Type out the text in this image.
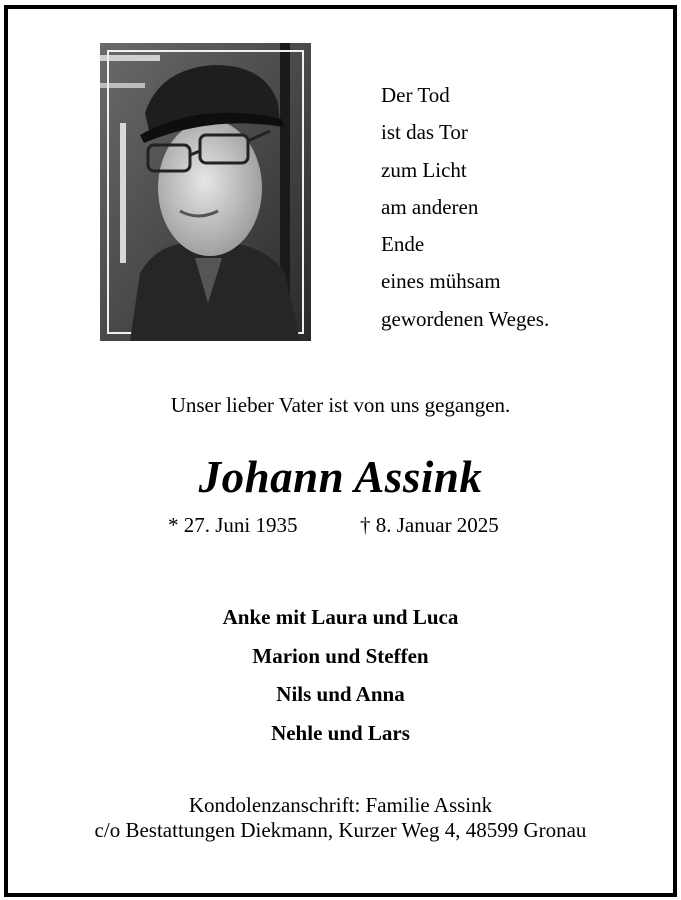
Der Tod
ist das Tor
zum Licht
am anderen
Ende
eines mühsam
gewordenen Weges.
Unser lieber Vater ist von uns gegangen.
Johann Assink
* 27. Juni 1935	† 8. Januar 2025
Anke mit Laura und Luca
Marion und Steffen
Nils und Anna
Nehle und Lars
Kondolenzanschrift: Familie Assink
c/o Bestattungen Diekmann, Kurzer Weg 4, 48599 Gronau
